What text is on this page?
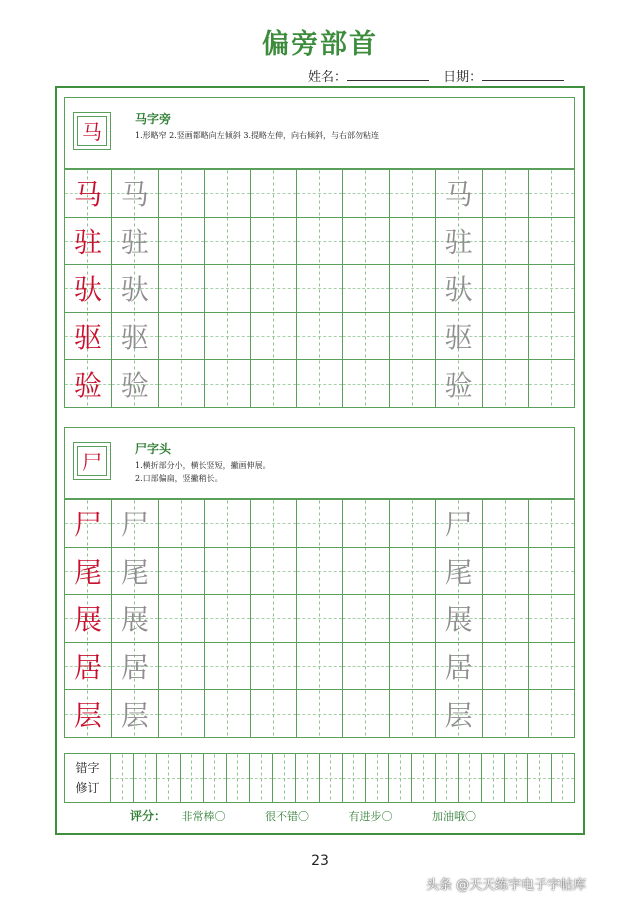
偏旁部首
姓名：	日期：
马
马字旁
1.形略窄 2.竖画都略向左倾斜 3.提略左伸，向右倾斜，与右部勿粘连
马	马							马	

驻	驻							驻	

驮	驮							驮	

驱	驱							驱	

验	验							验	

尸
尸字头
1.横折部分小，横长竖短，撇画伸展。
2.口部偏扁，竖撇稍长。
尸	尸							尸	

尾	尾							尾	

展	展							展	

居	居							居	

层	层							层	

错字
修订

评分： 非常棒〇	很不错〇	有进步〇	加油哦〇
23
头条 @天天练字电子字帖库
